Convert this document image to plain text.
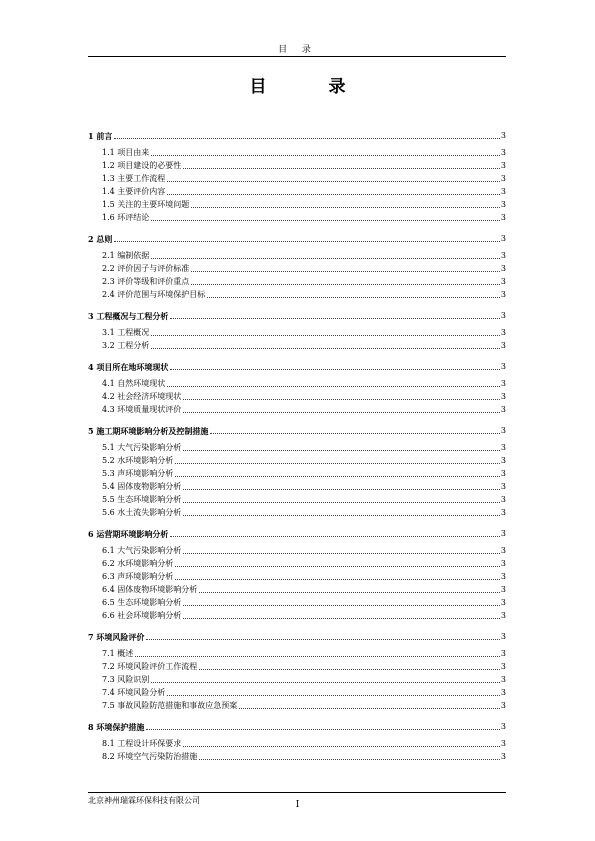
目 录
目 录
1 前言	3
1.1 项目由来	3
1.2 项目建设的必要性	3
1.3 主要工作流程	3
1.4 主要评价内容	3
1.5 关注的主要环境问题	3
1.6 环评结论	3
2 总则	3
2.1 编制依据	3
2.2 评价因子与评价标准	3
2.3 评价等级和评价重点	3
2.4 评价范围与环境保护目标	3
3 工程概况与工程分析	3
3.1 工程概况	3
3.2 工程分析	3
4 项目所在地环境现状	3
4.1 自然环境现状	3
4.2 社会经济环境现状	3
4.3 环境质量现状评价	3
5 施工期环境影响分析及控制措施	3
5.1 大气污染影响分析	3
5.2 水环境影响分析	3
5.3 声环境影响分析	3
5.4 固体废物影响分析	3
5.5 生态环境影响分析	3
5.6 水土流失影响分析	3
6 运营期环境影响分析	3
6.1 大气污染影响分析	3
6.2 水环境影响分析	3
6.3 声环境影响分析	3
6.4 固体废物环境影响分析	3
6.5 生态环境影响分析	3
6.6 社会环境影响分析	3
7 环境风险评价	3
7.1 概述	3
7.2 环境风险评价工作流程	3
7.3 风险识别	3
7.4 环境风险分析	3
7.5 事故风险防范措施和事故应急预案	3
8 环境保护措施	3
8.1 工程设计环保要求	3
8.2 环境空气污染防治措施	3
北京神州瑞霖环保科技有限公司	I
